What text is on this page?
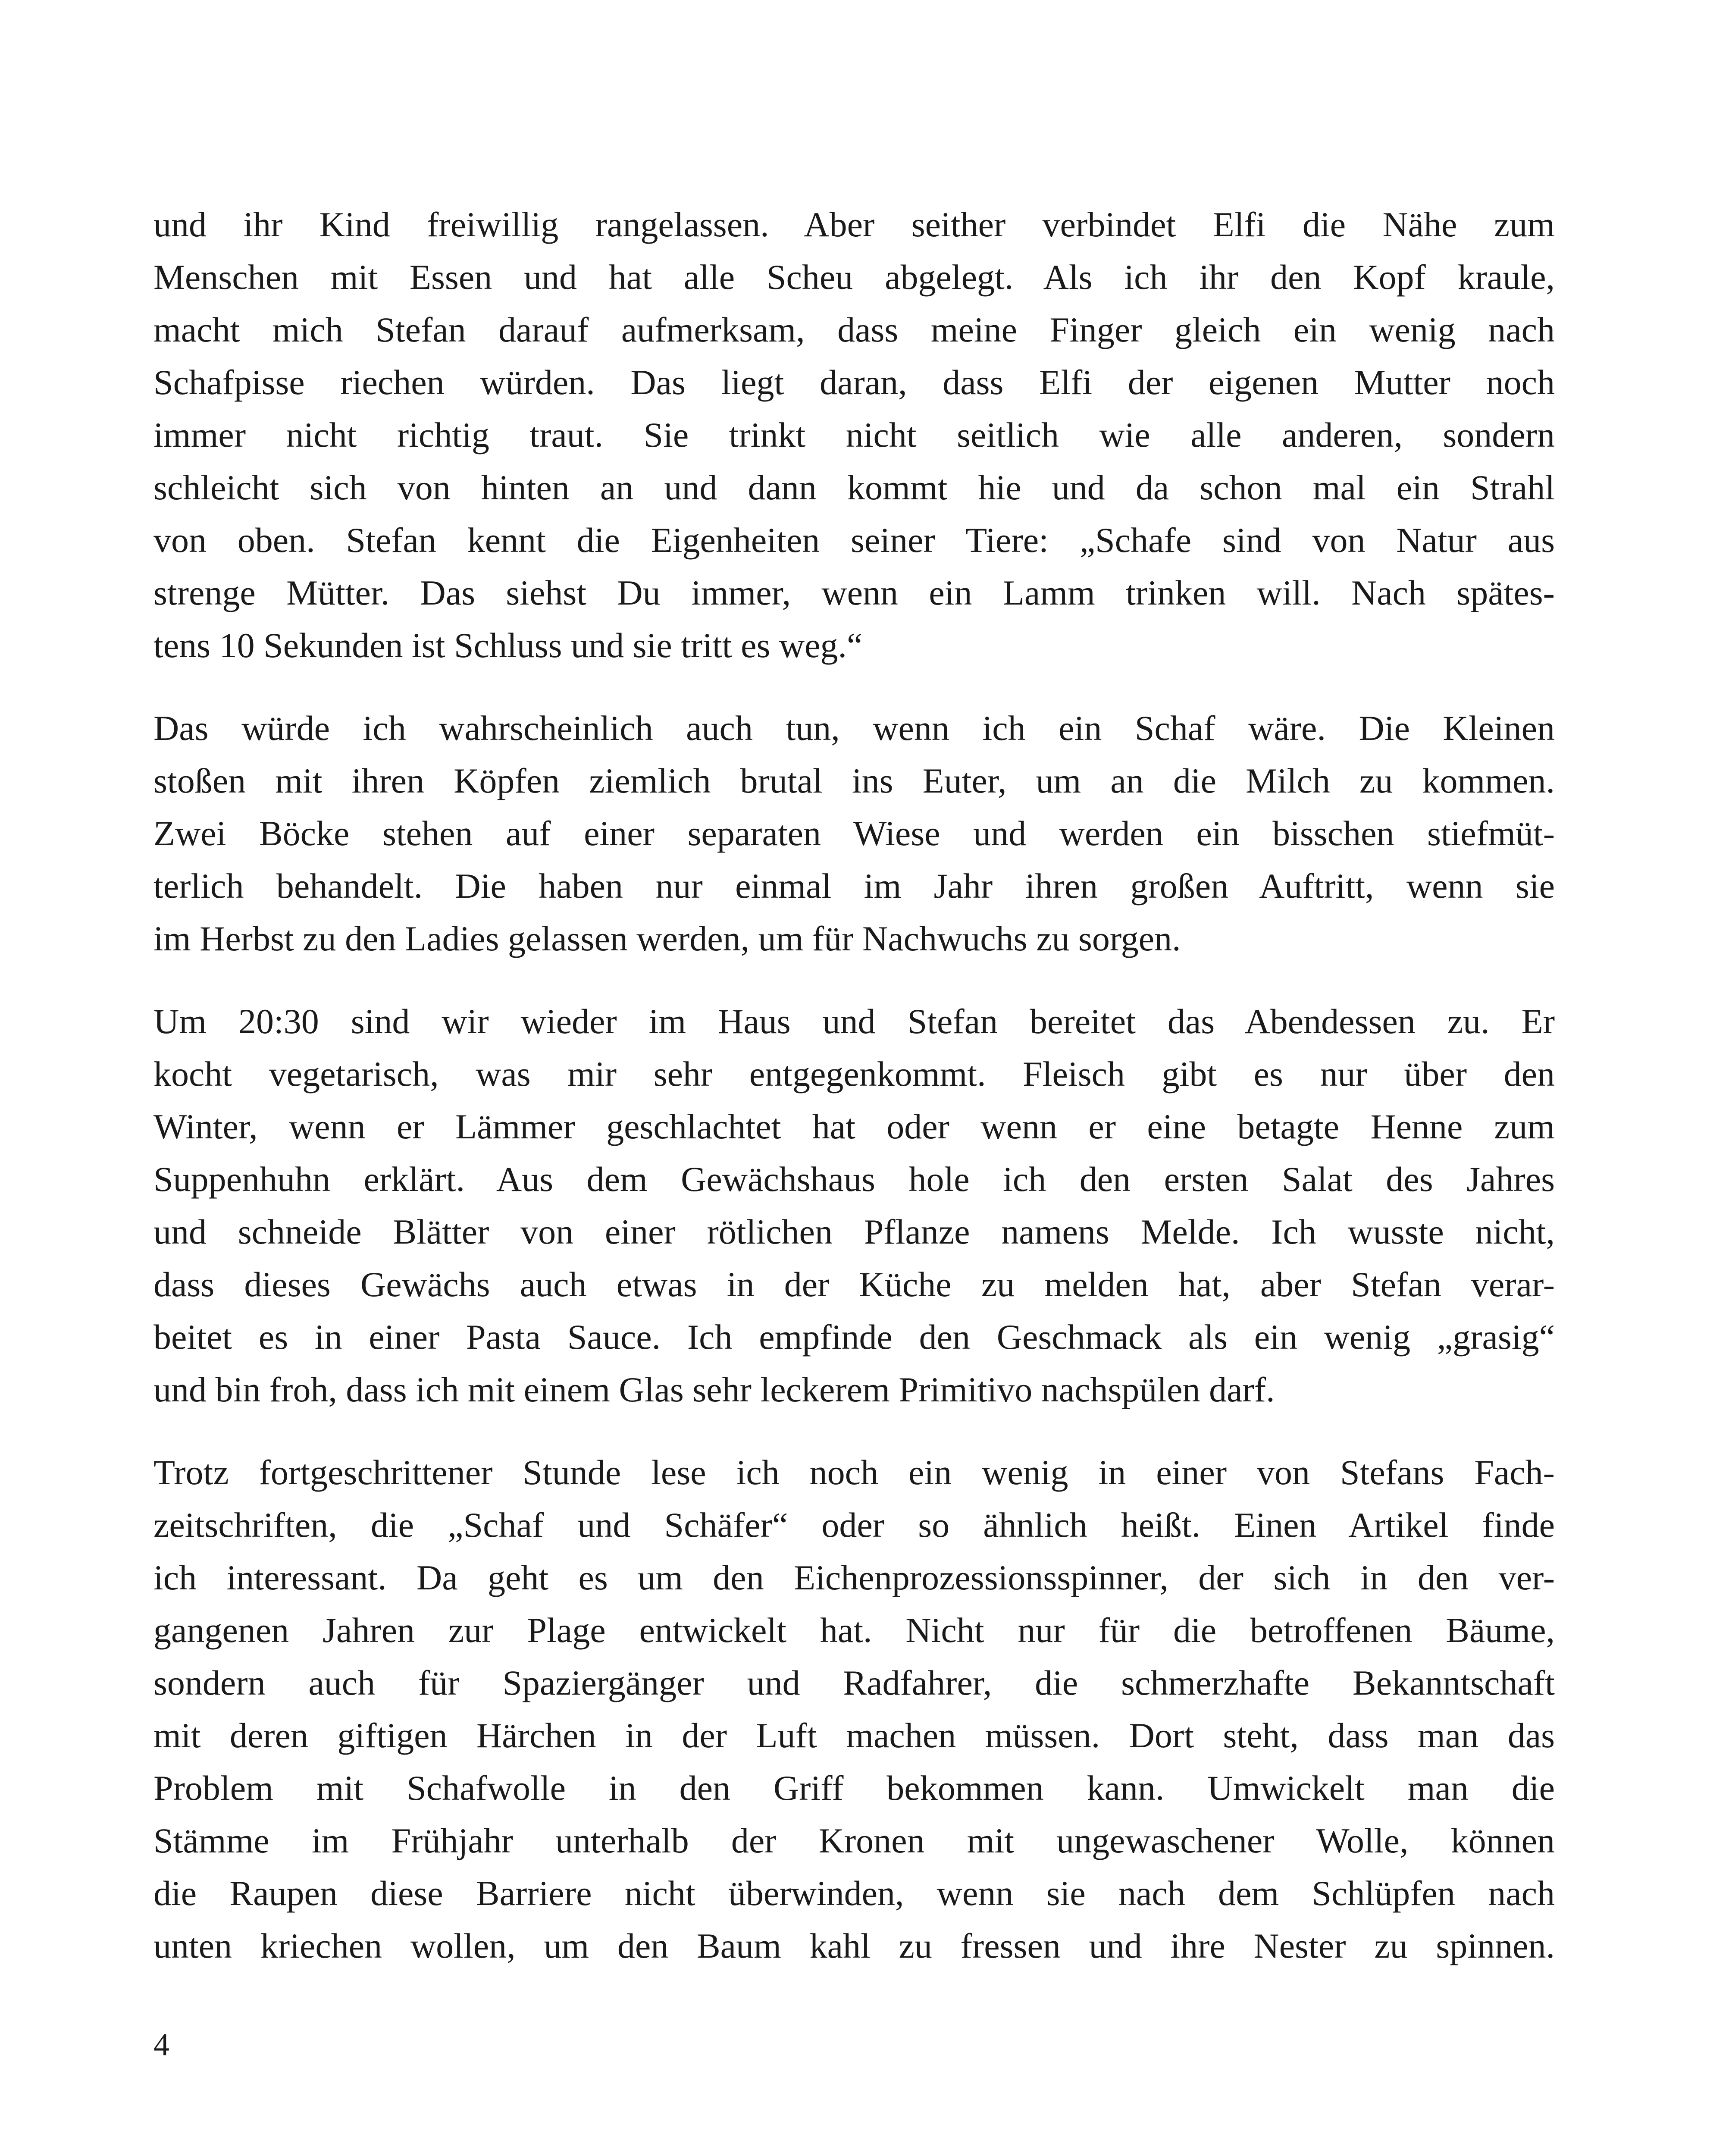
und ihr Kind freiwillig rangelassen. Aber seither verbindet Elfi die Nähe zum
Menschen mit Essen und hat alle Scheu abgelegt. Als ich ihr den Kopf kraule,
macht mich Stefan darauf aufmerksam, dass meine Finger gleich ein wenig nach
Schafpisse riechen würden. Das liegt daran, dass Elfi der eigenen Mutter noch
immer nicht richtig traut. Sie trinkt nicht seitlich wie alle anderen, sondern
schleicht sich von hinten an und dann kommt hie und da schon mal ein Strahl
von oben. Stefan kennt die Eigenheiten seiner Tiere: „Schafe sind von Natur aus
strenge Mütter. Das siehst Du immer, wenn ein Lamm trinken will. Nach spätes-
tens 10 Sekunden ist Schluss und sie tritt es weg.“

Das würde ich wahrscheinlich auch tun, wenn ich ein Schaf wäre. Die Kleinen
stoßen mit ihren Köpfen ziemlich brutal ins Euter, um an die Milch zu kommen.
Zwei Böcke stehen auf einer separaten Wiese und werden ein bisschen stiefmüt-
terlich behandelt. Die haben nur einmal im Jahr ihren großen Auftritt, wenn sie
im Herbst zu den Ladies gelassen werden, um für Nachwuchs zu sorgen.

Um 20:30 sind wir wieder im Haus und Stefan bereitet das Abendessen zu. Er
kocht vegetarisch, was mir sehr entgegenkommt. Fleisch gibt es nur über den
Winter, wenn er Lämmer geschlachtet hat oder wenn er eine betagte Henne zum
Suppenhuhn erklärt. Aus dem Gewächshaus hole ich den ersten Salat des Jahres
und schneide Blätter von einer rötlichen Pflanze namens Melde. Ich wusste nicht,
dass dieses Gewächs auch etwas in der Küche zu melden hat, aber Stefan verar-
beitet es in einer Pasta Sauce. Ich empfinde den Geschmack als ein wenig „grasig“
und bin froh, dass ich mit einem Glas sehr leckerem Primitivo nachspülen darf.

Trotz fortgeschrittener Stunde lese ich noch ein wenig in einer von Stefans Fach-
zeitschriften, die „Schaf und Schäfer“ oder so ähnlich heißt. Einen Artikel finde
ich interessant. Da geht es um den Eichenprozessionsspinner, der sich in den ver-
gangenen Jahren zur Plage entwickelt hat. Nicht nur für die betroffenen Bäume,
sondern auch für Spaziergänger und Radfahrer, die schmerzhafte Bekanntschaft
mit deren giftigen Härchen in der Luft machen müssen. Dort steht, dass man das
Problem mit Schafwolle in den Griff bekommen kann. Umwickelt man die
Stämme im Frühjahr unterhalb der Kronen mit ungewaschener Wolle, können
die Raupen diese Barriere nicht überwinden, wenn sie nach dem Schlüpfen nach
unten kriechen wollen, um den Baum kahl zu fressen und ihre Nester zu spinnen.

4
